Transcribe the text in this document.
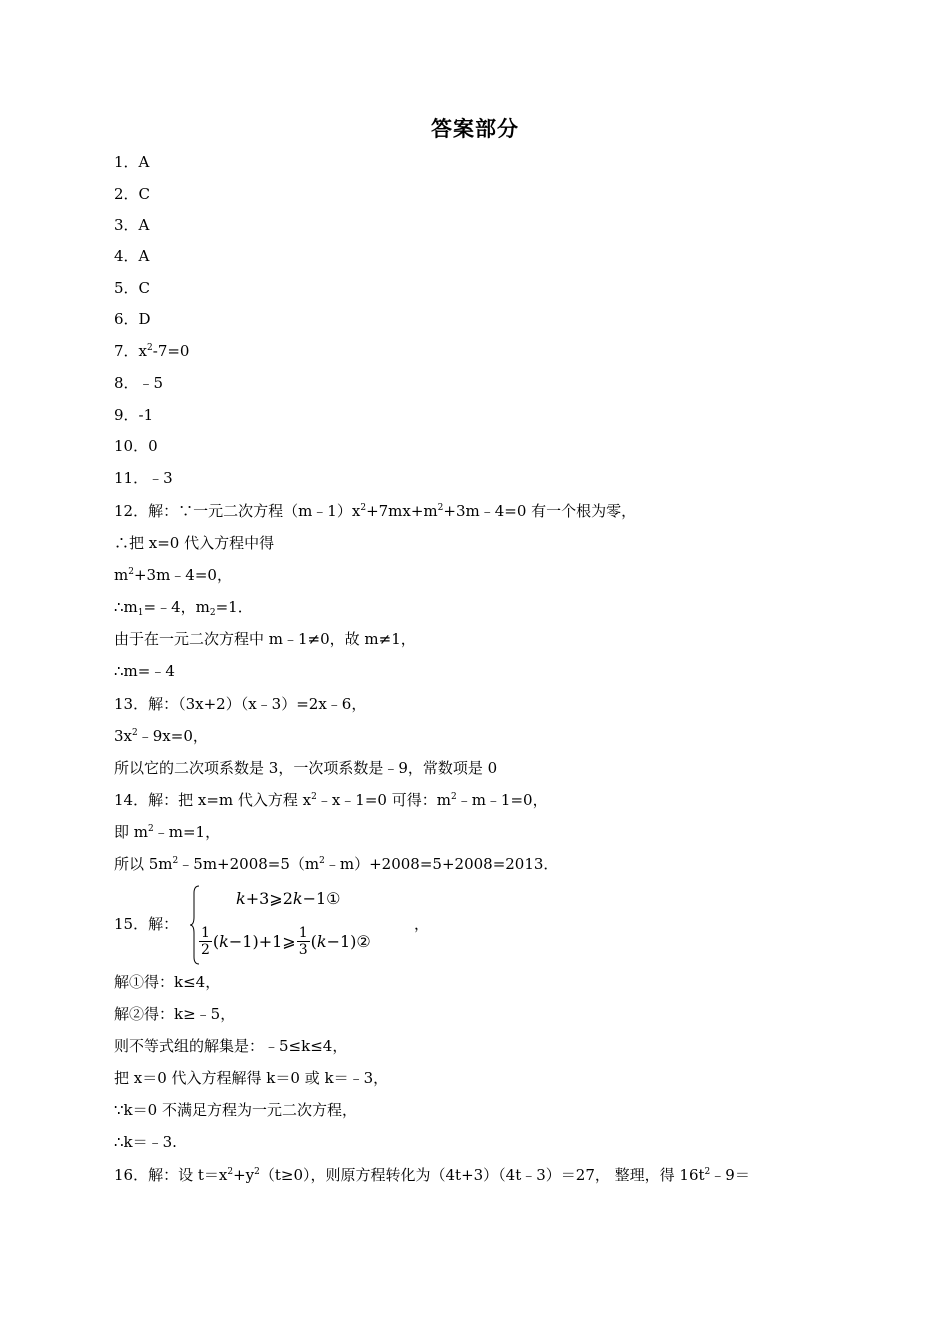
答案部分
1．A
2．C
3．A
4．A
5．C
6．D
7．$x^2-7=0$
8．﹣5
9．-1
10．0
11．﹣3
12．解：∵一元二次方程$(m﹣1)x^2+7mx+m^2+3m﹣4=0$ 有一个根为零，
∴把 x=0 代入方程中得
$m^2+3m﹣4=0$，
$\therefore m_1=﹣4$，$m_2=1$．
由于在一元二次方程中 m﹣1≠0，故 m≠1，
∴m=﹣4
13．解：（3x+2）（x﹣3）=2x﹣6，
$3x^2﹣9x=0$，
所以它的二次项系数是 3，一次项系数是﹣9，常数项是 0
14．解：把 x=m 代入方程 $x^2﹣x﹣1=0$ 可得：$m^2﹣m﹣1=0$，
即 $m^2﹣m=1$，
所以 $5m^2﹣5m+2008=5(m^2﹣m)+2008=5+2008=2013$．
15．解：
k+3⩾2k−1①
$\frac{1}{2}$ (k−1)+1⩾ $\frac{1}{3}$ (k−1)②
，
解①得：k≤4，
解②得：k≥﹣5，
则不等式组的解集是：﹣5≤k≤4，
把 x＝0 代入方程解得 k＝0 或 k＝﹣3，
∵k＝0 不满足方程为一元二次方程，
∴k＝﹣3.
16．解：设 $t=x^2+y^2(t\ge 0)$，则原方程转化为（4t+3）（4t﹣3）＝27， 整理，得 $16t^2﹣9=$
